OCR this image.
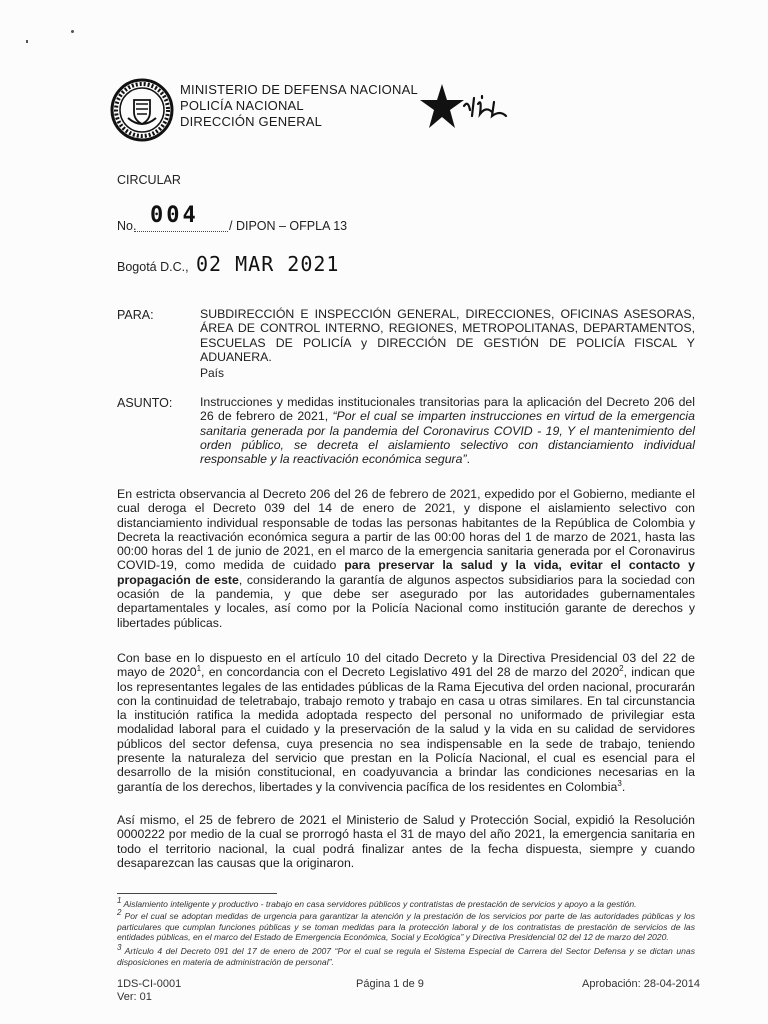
MINISTERIO DE DEFENSA NACIONAL
POLICÍA NACIONAL
DIRECCIÓN GENERAL
CIRCULAR
No. 004 / DIPON – OFPLA 13
Bogotá D.C., 02 MAR 2021
PARA:	SUBDIRECCIÓN E INSPECCIÓN GENERAL, DIRECCIONES, OFICINAS ASESORAS, ÁREA DE CONTROL INTERNO, REGIONES, METROPOLITANAS, DEPARTAMENTOS, ESCUELAS DE POLICÍA y DIRECCIÓN DE GESTIÓN DE POLICÍA FISCAL Y ADUANERA.
País
ASUNTO: Instrucciones y medidas institucionales transitorias para la aplicación del Decreto 206 del 26 de febrero de 2021, “Por el cual se imparten instrucciones en virtud de la emergencia sanitaria generada por la pandemia del Coronavirus COVID - 19, Y el mantenimiento del orden público, se decreta el aislamiento selectivo con distanciamiento individual responsable y la reactivación económica segura”.
En estricta observancia al Decreto 206 del 26 de febrero de 2021, expedido por el Gobierno, mediante el cual deroga el Decreto 039 del 14 de enero de 2021, y dispone el aislamiento selectivo con distanciamiento individual responsable de todas las personas habitantes de la República de Colombia y Decreta la reactivación económica segura a partir de las 00:00 horas del 1 de marzo de 2021, hasta las 00:00 horas del 1 de junio de 2021, en el marco de la emergencia sanitaria generada por el Coronavirus COVID-19, como medida de cuidado para preservar la salud y la vida, evitar el contacto y propagación de este, considerando la garantía de algunos aspectos subsidiarios para la sociedad con ocasión de la pandemia, y que debe ser asegurado por las autoridades gubernamentales departamentales y locales, así como por la Policía Nacional como institución garante de derechos y libertades públicas.
Con base en lo dispuesto en el artículo 10 del citado Decreto y la Directiva Presidencial 03 del 22 de mayo de 2020$^1$, en concordancia con el Decreto Legislativo 491 del 28 de marzo del 2020$^2$, indican que los representantes legales de las entidades públicas de la Rama Ejecutiva del orden nacional, procurarán con la continuidad de teletrabajo, trabajo remoto y trabajo en casa u otras similares. En tal circunstancia la institución ratifica la medida adoptada respecto del personal no uniformado de privilegiar esta modalidad laboral para el cuidado y la preservación de la salud y la vida en su calidad de servidores públicos del sector defensa, cuya presencia no sea indispensable en la sede de trabajo, teniendo presente la naturaleza del servicio que prestan en la Policía Nacional, el cual es esencial para el desarrollo de la misión constitucional, en coadyuvancia a brindar las condiciones necesarias en la garantía de los derechos, libertades y la convivencia pacífica de los residentes en Colombia$^3$.
Así mismo, el 25 de febrero de 2021 el Ministerio de Salud y Protección Social, expidió la Resolución 0000222 por medio de la cual se prorrogó hasta el 31 de mayo del año 2021, la emergencia sanitaria en todo el territorio nacional, la cual podrá finalizar antes de la fecha dispuesta, siempre y cuando desaparezcan las causas que la originaron.
$^1$ Aislamiento inteligente y productivo - trabajo en casa servidores públicos y contratistas de prestación de servicios y apoyo a la gestión.
$^2$ Por el cual se adoptan medidas de urgencia para garantizar la atención y la prestación de los servicios por parte de las autoridades públicas y los particulares que cumplan funciones públicas y se toman medidas para la protección laboral y de los contratistas de prestación de servicios de las entidades públicas, en el marco del Estado de Emergencia Económica, Social y Ecológica” y Directiva Presidencial 02 del 12 de marzo del 2020.
$^3$ Artículo 4 del Decreto 091 del 17 de enero de 2007 “Por el cual se regula el Sistema Especial de Carrera del Sector Defensa y se dictan unas disposiciones en materia de administración de personal”.
1DS-CI-0001
Ver: 01
Página 1 de 9	Aprobación: 28-04-2014
